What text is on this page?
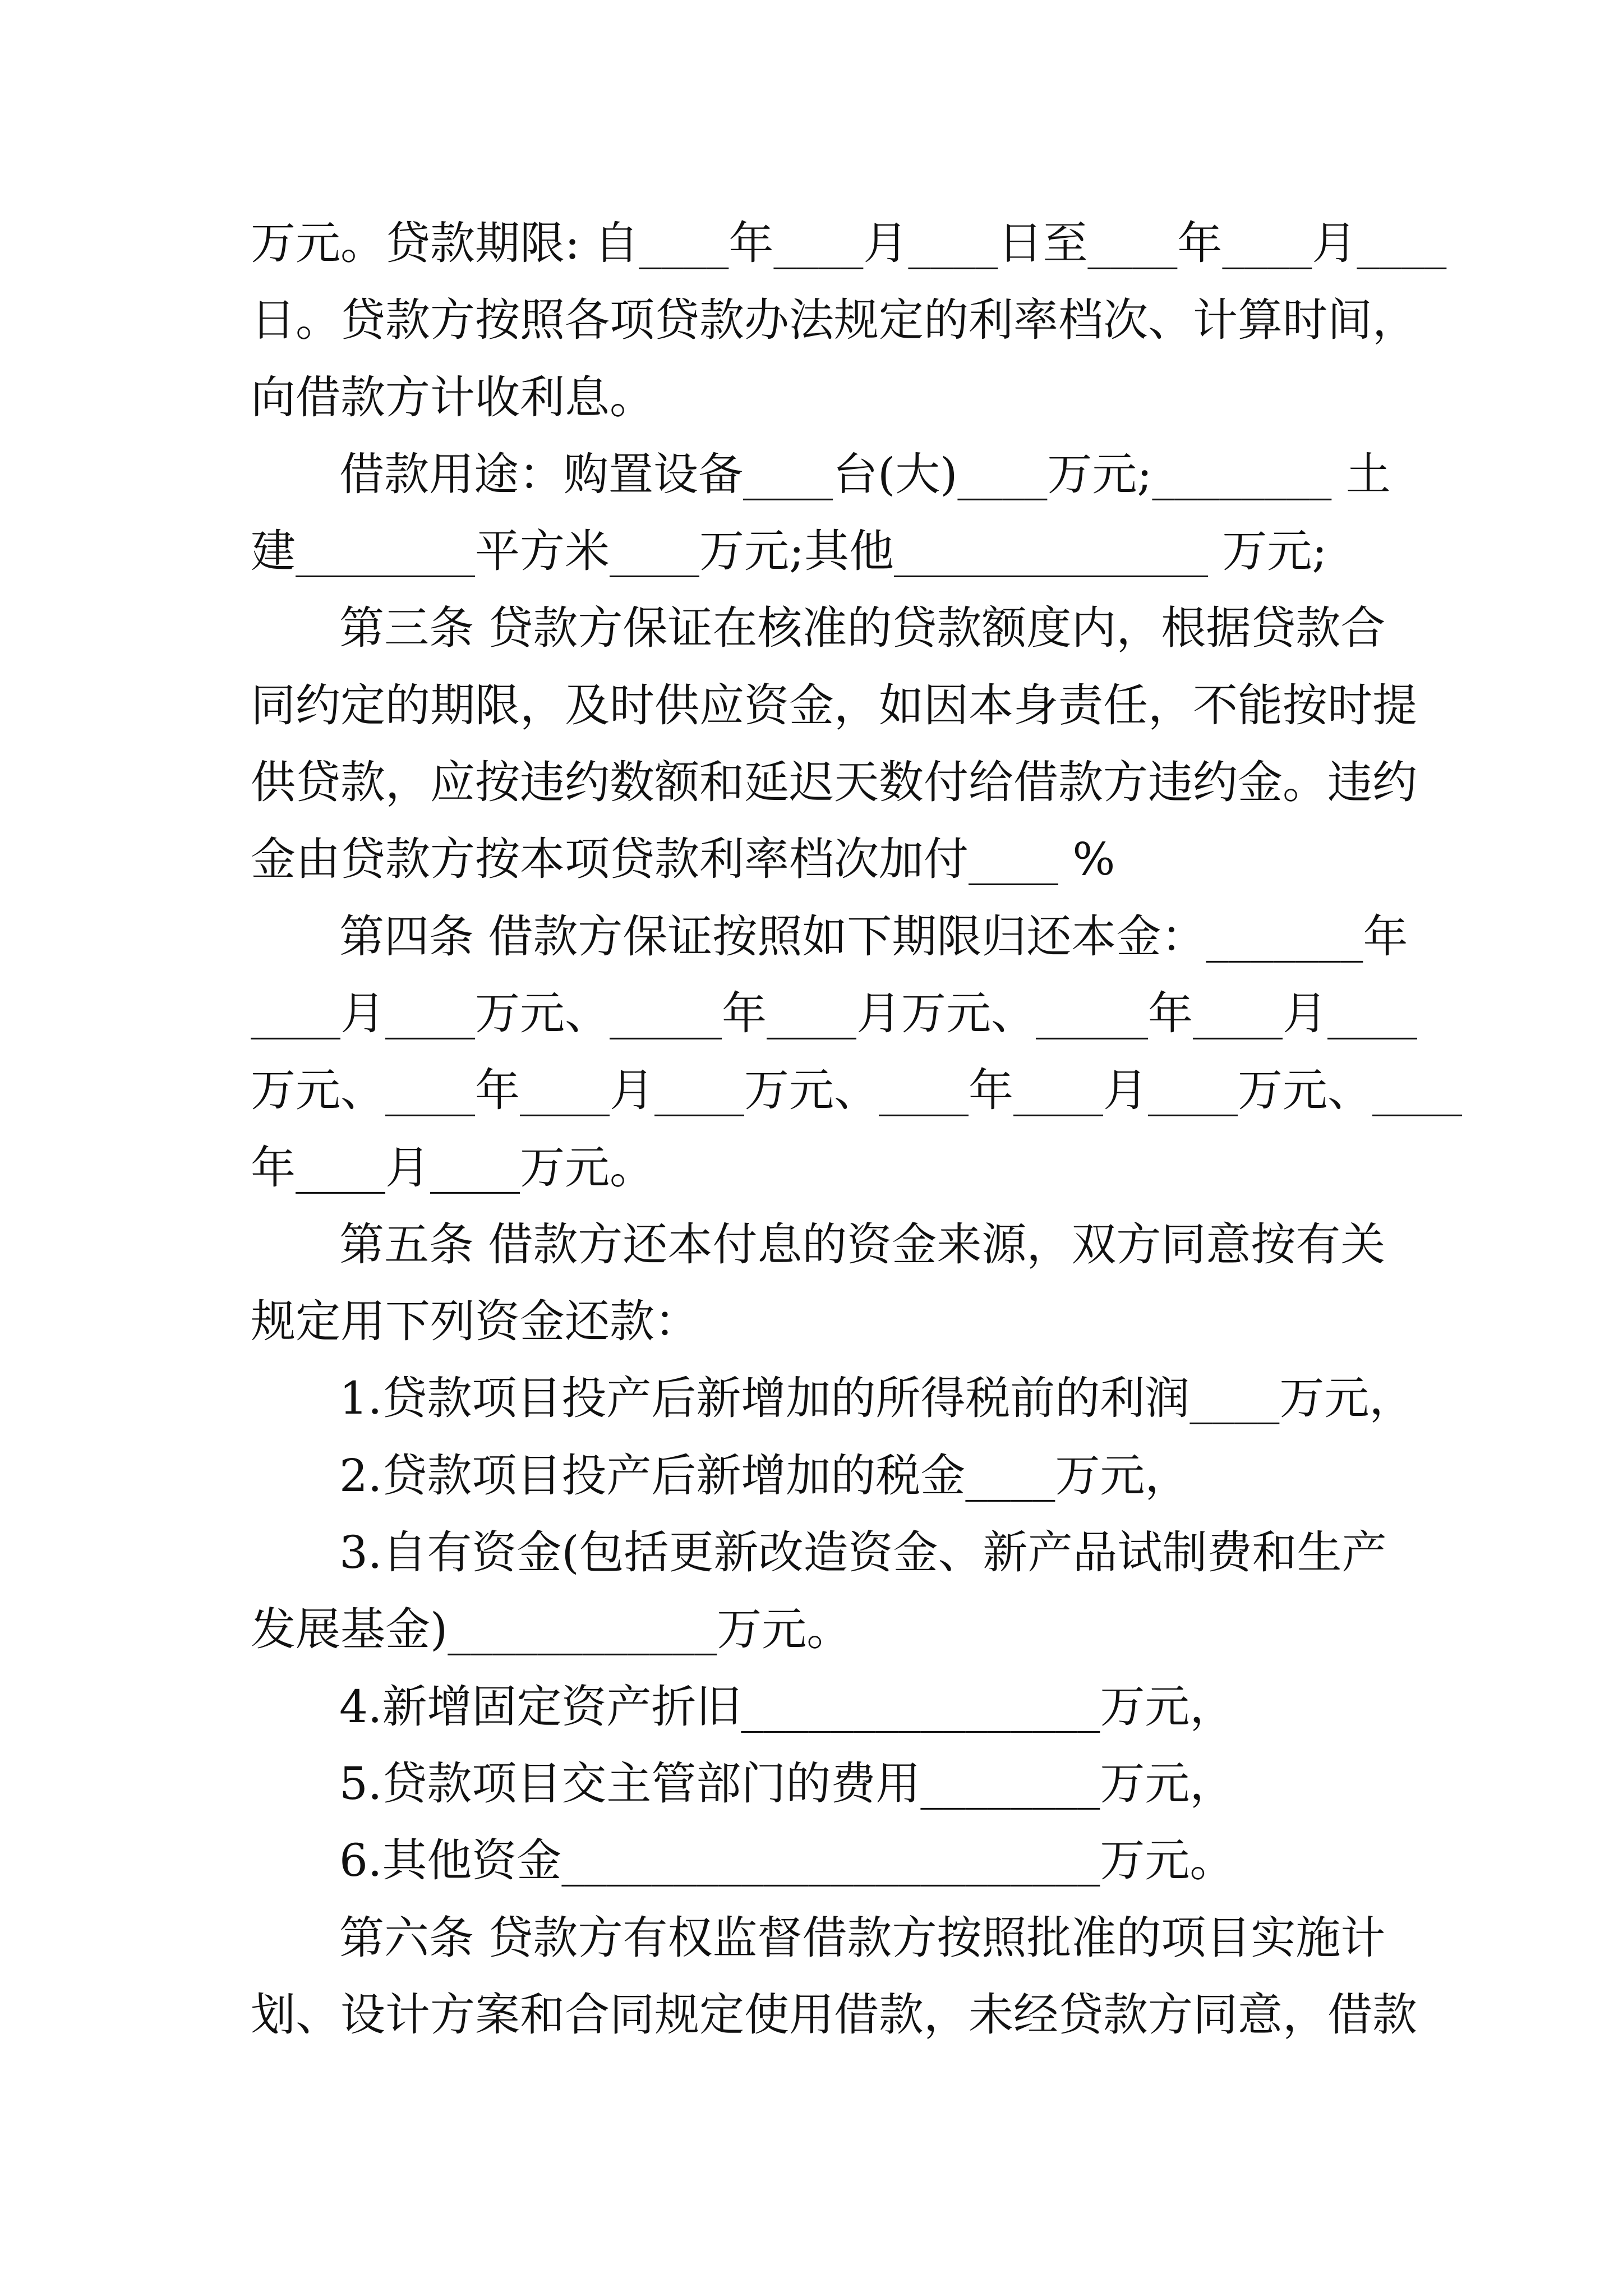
万元。贷款期限: 自____年____月____日至____年____月____
日。贷款方按照各项贷款办法规定的利率档次、计算时间，
向借款方计收利息。
借款用途：购置设备____台(大)____万元;________ 土
建________平方米____万元;其他______________ 万元;
第三条 贷款方保证在核准的贷款额度内，根据贷款合
同约定的期限，及时供应资金，如因本身责任，不能按时提
供贷款，应按违约数额和延迟天数付给借款方违约金。违约
金由贷款方按本项贷款利率档次加付____ %
第四条 借款方保证按照如下期限归还本金：_______年
____月____万元、_____年____月万元、_____年____月____
万元、____年____月____万元、____年____月____万元、____
年____月____万元。
第五条 借款方还本付息的资金来源，双方同意按有关
规定用下列资金还款：
1.贷款项目投产后新增加的所得税前的利润____万元，
2.贷款项目投产后新增加的税金____万元，
3.自有资金(包括更新改造资金、新产品试制费和生产
发展基金)____________万元。
4.新增固定资产折旧________________万元，
5.贷款项目交主管部门的费用________万元，
6.其他资金________________________万元。
第六条 贷款方有权监督借款方按照批准的项目实施计
划、设计方案和合同规定使用借款，未经贷款方同意，借款
